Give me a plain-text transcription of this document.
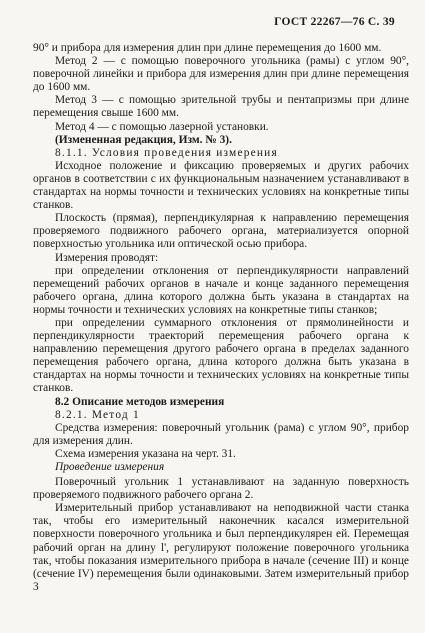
ГОСТ 22267—76 С. 39

90° и прибора для измерения длин при длине перемещения до 1600 мм.

Метод 2 — с помощью поверочного угольника (рамы) с углом 90°, поверочной линейки и прибора для измерения длин при длине перемещения до 1600 мм.

Метод 3 — с помощью зрительной трубы и пентапризмы при длине перемещения свыше 1600 мм.

Метод 4 — с помощью лазерной установки.

(Измененная редакция, Изм. № 3).

8.1.1. Условия проведения измерения

Исходное положение и фиксацию проверяемых и других рабочих органов в соответствии с их функциональным назначением устанавливают в стандартах на нормы точности и технических условиях на конкретные типы станков.

Плоскость (прямая), перпендикулярная к направлению перемещения проверяемого подвижного рабочего органа, материализуется опорной поверхностью угольника или оптической осью прибора.

Измерения проводят:

при определении отклонения от перпендикулярности направлений перемещений рабочих органов в начале и конце заданного перемещения рабочего органа, длина которого должна быть указана в стандартах на нормы точности и технических условиях на конкретные типы станков;

при определении суммарного отклонения от прямолинейности и перпендикулярности траекторий перемещения рабочего органа к направлению перемещения другого рабочего органа в пределах заданного перемещения рабочего органа, длина которого должна быть указана в стандартах на нормы точности и технических условиях на конкретные типы станков.

8.2 Описание методов измерения

8.2.1. Метод 1

Средства измерения: поверочный угольник (рама) с углом 90°, прибор для измерения длин.

Схема измерения указана на черт. 31.

Проведение измерения

Поверочный угольник 1 устанавливают на заданную поверхность проверяемого подвижного рабочего органа 2.

Измерительный прибор устанавливают на неподвижной части станка так, чтобы его измерительный наконечник касался измерительной поверхности поверочного угольника и был перпендикулярен ей. Перемещая рабочий орган на длину l', регулируют положение поверочного угольника так, чтобы показания измерительного прибора в начале (сечение III) и конце (сечение IV) перемещения были одинаковыми. Затем измерительный прибор 3
